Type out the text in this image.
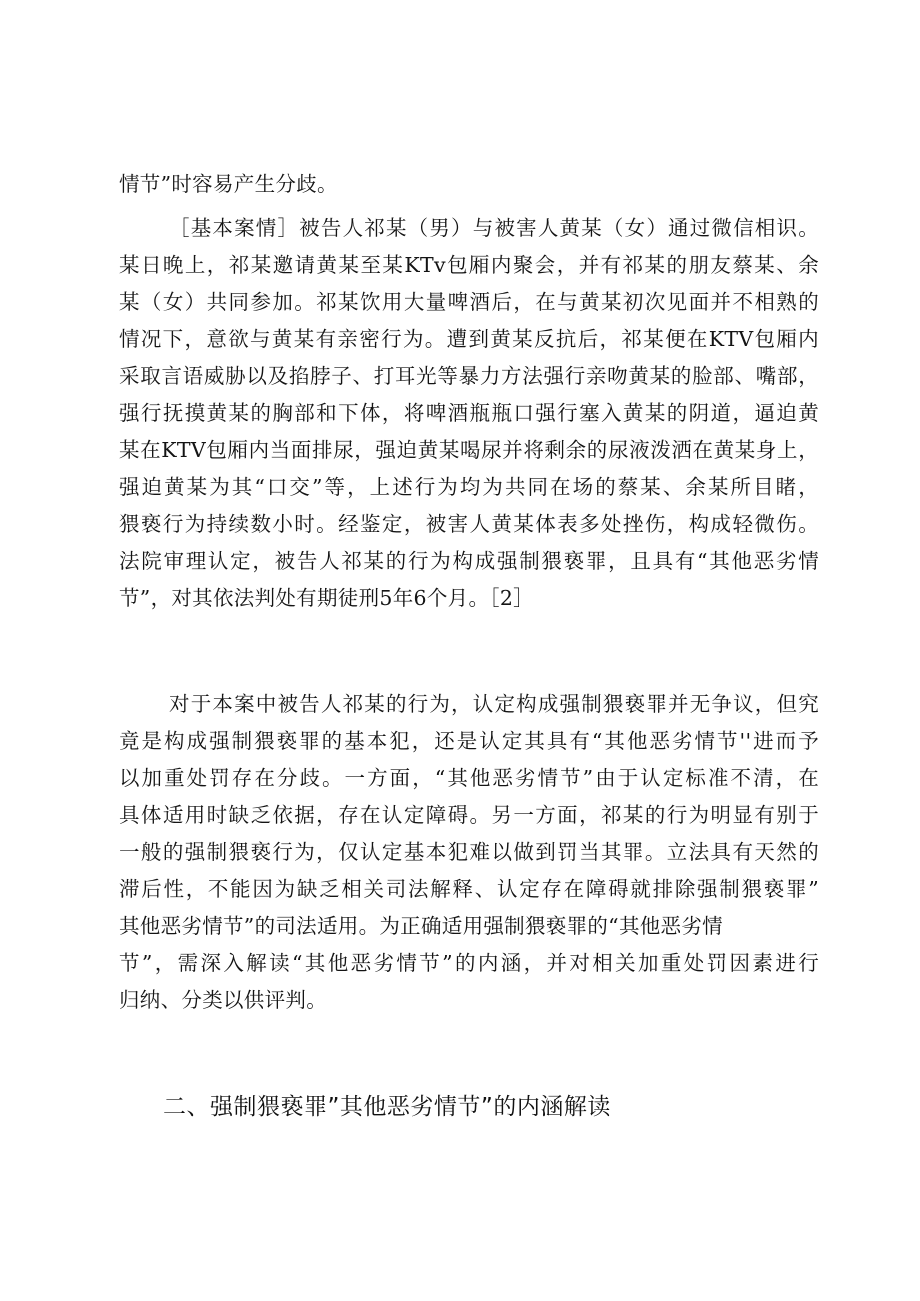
情节”时容易产生分歧。
［基本案情］被告人祁某（男）与被害人黄某（女）通过微信相识。
某日晚上，祁某邀请黄某至某KTv包厢内聚会，并有祁某的朋友蔡某、余
某（女）共同参加。祁某饮用大量啤酒后，在与黄某初次见面并不相熟的
情况下，意欲与黄某有亲密行为。遭到黄某反抗后，祁某便在KTV包厢内
采取言语威胁以及掐脖子、打耳光等暴力方法强行亲吻黄某的脸部、嘴部，
强行抚摸黄某的胸部和下体，将啤酒瓶瓶口强行塞入黄某的阴道，逼迫黄
某在KTV包厢内当面排尿，强迫黄某喝尿并将剩余的尿液泼洒在黄某身上，
强迫黄某为其“口交”等，上述行为均为共同在场的蔡某、余某所目睹，
猥亵行为持续数小时。经鉴定，被害人黄某体表多处挫伤，构成轻微伤。
法院审理认定，被告人祁某的行为构成强制猥亵罪，且具有“其他恶劣情
节”，对其依法判处有期徒刑5年6个月。［2］
对于本案中被告人祁某的行为，认定构成强制猥亵罪并无争议，但究
竟是构成强制猥亵罪的基本犯，还是认定其具有“其他恶劣情节''进而予
以加重处罚存在分歧。一方面，“其他恶劣情节”由于认定标准不清，在
具体适用时缺乏依据，存在认定障碍。另一方面，祁某的行为明显有别于
一般的强制猥亵行为，仅认定基本犯难以做到罚当其罪。立法具有天然的
滞后性，不能因为缺乏相关司法解释、认定存在障碍就排除强制猥亵罪”
其他恶劣情节”的司法适用。为正确适用强制猥亵罪的“其他恶劣情
节”，需深入解读“其他恶劣情节”的内涵，并对相关加重处罚因素进行
归纳、分类以供评判。
二、强制猥亵罪”其他恶劣情节”的内涵解读
